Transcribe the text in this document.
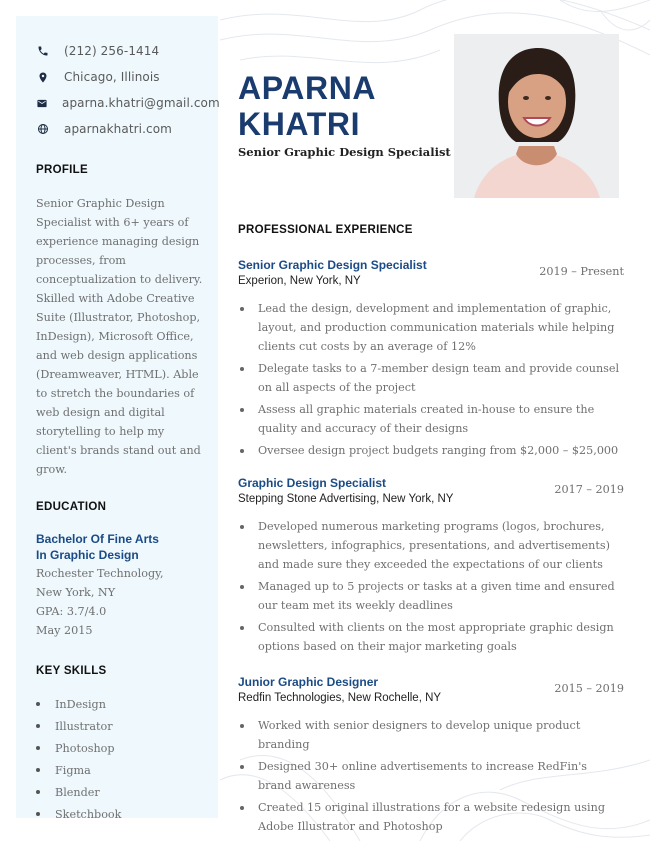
(212) 256-1414
Chicago, Illinois
aparna.khatri@gmail.com
aparnakhatri.com
PROFILE

Senior Graphic Design Specialist with 6+ years of experience managing design processes, from conceptualization to delivery. Skilled with Adobe Creative Suite (Illustrator, Photoshop, InDesign), Microsoft Office, and web design applications (Dreamweaver, HTML). Able to stretch the boundaries of web design and digital storytelling to help my client's brands stand out and grow.

EDUCATION
Bachelor Of Fine Arts
In Graphic Design
Rochester Technology,
New York, NY
GPA: 3.7/4.0
May 2015
KEY SKILLS
InDesign
Illustrator
Photoshop
Figma
Blender
Sketchbook
APARNA
KHATRI
Senior Graphic Design Specialist
PROFESSIONAL EXPERIENCE
Senior Graphic Design Specialist
Experion, New York, NY
2019 – Present
Lead the design, development and implementation of graphic, layout, and production communication materials while helping clients cut costs by an average of 12%
Delegate tasks to a 7-member design team and provide counsel on all aspects of the project
Assess all graphic materials created in-house to ensure the quality and accuracy of their designs
Oversee design project budgets ranging from $2,000 – $25,000
Graphic Design Specialist
Stepping Stone Advertising, New York, NY
2017 – 2019
Developed numerous marketing programs (logos, brochures, newsletters, infographics, presentations, and advertisements) and made sure they exceeded the expectations of our clients
Managed up to 5 projects or tasks at a given time and ensured our team met its weekly deadlines
Consulted with clients on the most appropriate graphic design options based on their major marketing goals
Junior Graphic Designer
Redfin Technologies, New Rochelle, NY
2015 – 2019
Worked with senior designers to develop unique product branding
Designed 30+ online advertisements to increase RedFin's brand awareness
Created 15 original illustrations for a website redesign using Adobe Illustrator and Photoshop
